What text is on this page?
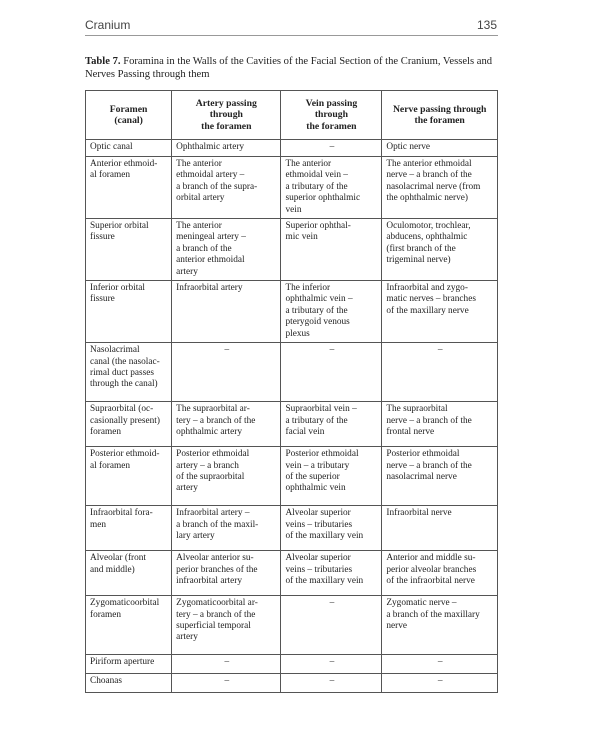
Cranium	135
Table 7. Foramina in the Walls of the Cavities of the Facial Section of the Cranium, Vessels and Nerves Passing through them
Foramen
(canal)	Artery passing
through
the foramen	Vein passing
through
the foramen	Nerve passing through
the foramen
Optic canal	Ophthalmic artery	–	Optic nerve
Anterior ethmoid-
al foramen	The anterior
ethmoidal artery –
a branch of the supra-
orbital artery	The anterior
ethmoidal vein –
a tributary of the
superior ophthalmic
vein	The anterior ethmoidal
nerve – a branch of the
nasolacrimal nerve (from
the ophthalmic nerve)
Superior orbital
fissure	The anterior
meningeal artery –
a branch of the
anterior ethmoidal
artery	Superior ophthal-
mic vein	Oculomotor, trochlear,
abducens, ophthalmic
(first branch of the
trigeminal nerve)
Inferior orbital
fissure	Infraorbital artery	The inferior
ophthalmic vein –
a tributary of the
pterygoid venous
plexus	Infraorbital and zygo-
matic nerves – branches
of the maxillary nerve
Nasolacrimal
canal (the nasolac-
rimal duct passes
through the canal)	–	–	–
Supraorbital (oc-
casionally present)
foramen	The supraorbital ar-
tery – a branch of the
ophthalmic artery	Supraorbital vein –
a tributary of the
facial vein	The supraorbital
nerve – a branch of the
frontal nerve
Posterior ethmoid-
al foramen	Posterior ethmoidal
artery – a branch
of the supraorbital
artery	Posterior ethmoidal
vein – a tributary
of the superior
ophthalmic vein	Posterior ethmoidal
nerve – a branch of the
nasolacrimal nerve
Infraorbital fora-
men	Infraorbital artery –
a branch of the maxil-
lary artery	Alveolar superior
veins – tributaries
of the maxillary vein	Infraorbital nerve
Alveolar (front
and middle)	Alveolar anterior su-
perior branches of the
infraorbital artery	Alveolar superior
veins – tributaries
of the maxillary vein	Anterior and middle su-
perior alveolar branches
of the infraorbital nerve
Zygomaticoorbital
foramen	Zygomaticoorbital ar-
tery – a branch of the
superficial temporal
artery	–	Zygomatic nerve –
a branch of the maxillary
nerve
Piriform aperture	–	–	–
Choanas	–	–	–
